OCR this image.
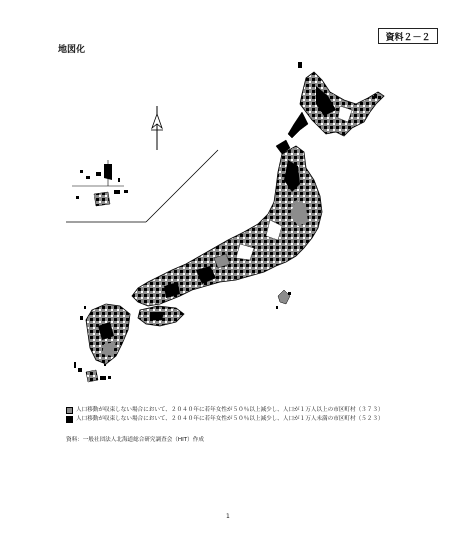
資料２－２
地図化
人口移動が収束しない場合において、２０４０年に若年女性が５０％以上減少し、人口が１万人以上の市区町村（３７３）
人口移動が収束しない場合において、２０４０年に若年女性が５０％以上減少し、人口が１万人未満の市区町村（５２３）
資料：一般社団法人北海道総合研究調査会（HIT）作成
1
